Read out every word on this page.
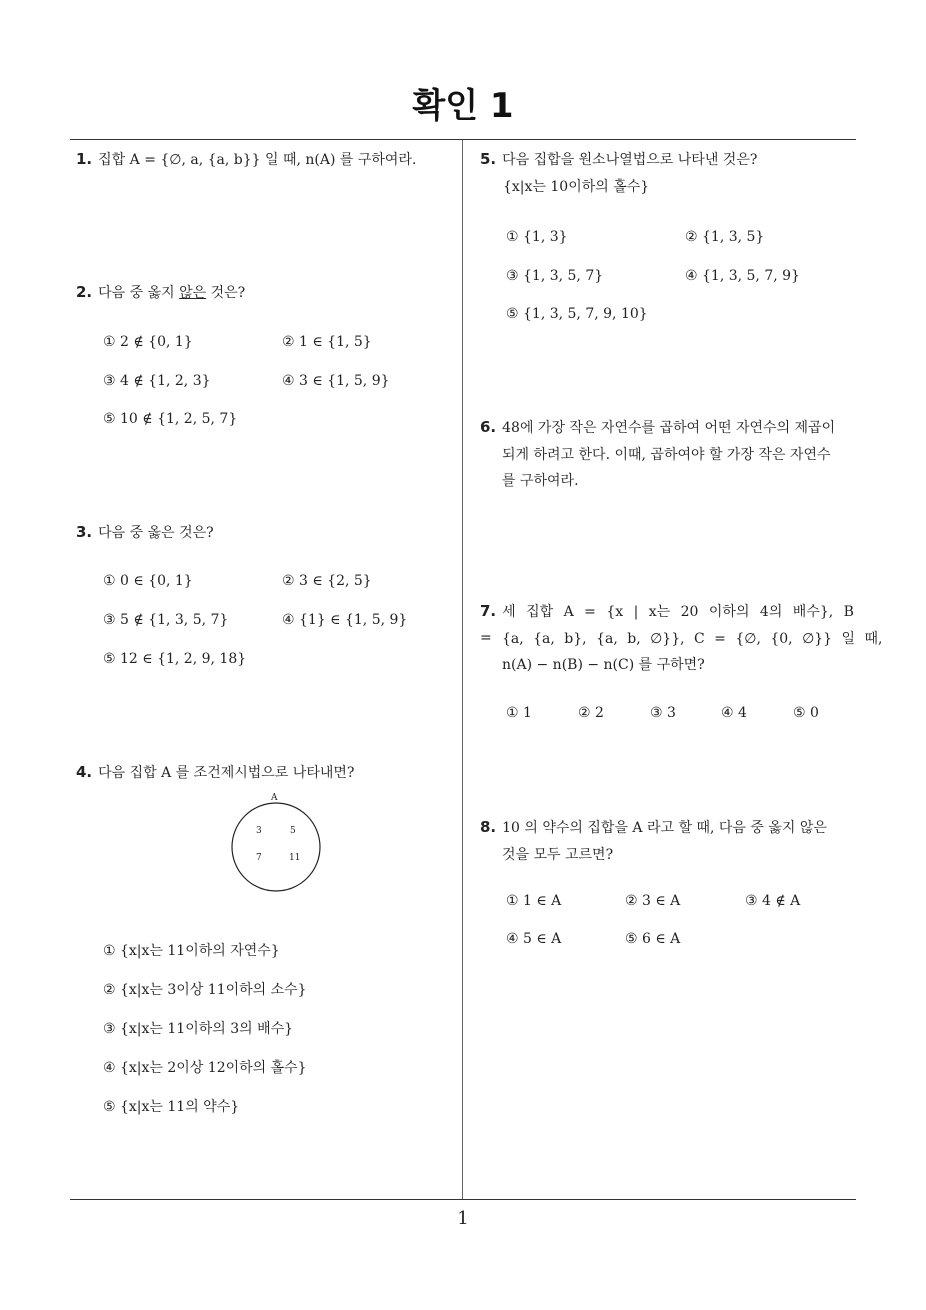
확인 1
1
1. 집합 A = {∅, a, {a, b}} 일 때, n(A) 를 구하여라.
2. 다음 중 옳지 않은 것은?
① 2 ∉ {0, 1}	② 1 ∈ {1, 5}
③ 4 ∉ {1, 2, 3}	④ 3 ∈ {1, 5, 9}
⑤ 10 ∉ {1, 2, 5, 7}
3. 다음 중 옳은 것은?
① 0 ∈ {0, 1}	② 3 ∈ {2, 5}
③ 5 ∉ {1, 3, 5, 7}	④ {1} ∈ {1, 5, 9}
⑤ 12 ∈ {1, 2, 9, 18}
4. 다음 집합 A 를 조건제시법으로 나타내면?
A
3	5
7	11
① {x|x는 11이하의 자연수}
② {x|x는 3이상 11이하의 소수}
③ {x|x는 11이하의 3의 배수}
④ {x|x는 2이상 12이하의 홀수}
⑤ {x|x는 11의 약수}
5. 다음 집합을 원소나열법으로 나타낸 것은?
{x|x는 10이하의 홀수}
① {1, 3}	② {1, 3, 5}
③ {1, 3, 5, 7}	④ {1, 3, 5, 7, 9}
⑤ {1, 3, 5, 7, 9, 10}
6. 48에 가장 작은 자연수를 곱하여 어떤 자연수의 제곱이
되게 하려고 한다. 이때, 곱하여야 할 가장 작은 자연수
를 구하여라.
7. 세 집합 A = {x | x는 20 이하의 4의 배수}, B = {a, {a, b}, {a, b, ∅}}, C = {∅, {0, ∅}} 일 때,
n(A) − n(B) − n(C) 를 구하면?
① 1	② 2	③ 3	④ 4	⑤ 0
8. 10 의 약수의 집합을 A 라고 할 때, 다음 중 옳지 않은
것을 모두 고르면?
① 1 ∈ A	② 3 ∈ A	③ 4 ∉ A
④ 5 ∈ A	⑤ 6 ∈ A
